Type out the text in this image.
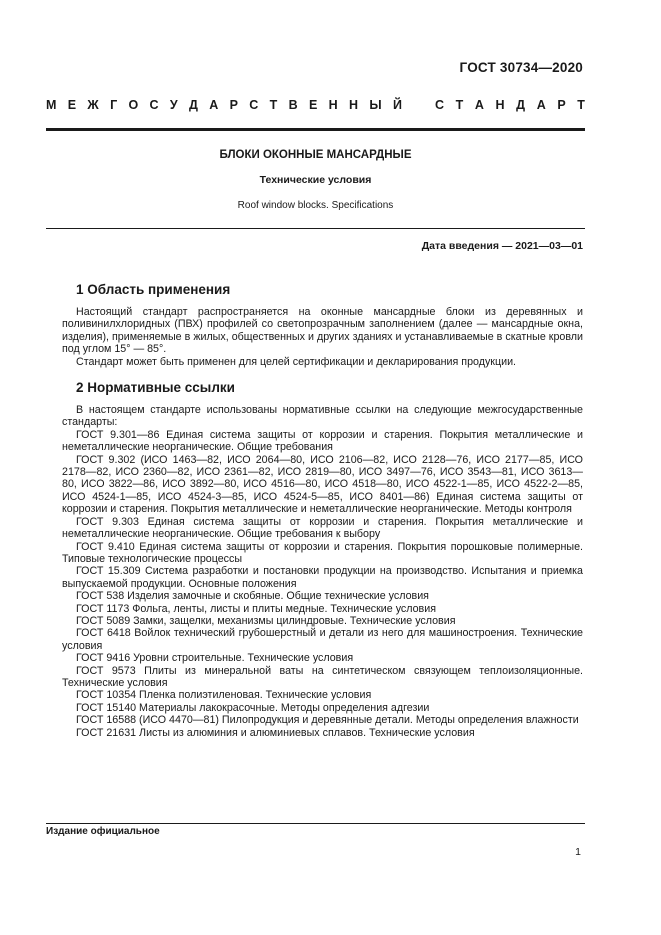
ГОСТ 30734—2020
М Е Ж Г О С У Д А Р С Т В Е Н Н Ы Й	С Т А Н Д А Р Т
БЛОКИ ОКОННЫЕ МАНСАРДНЫЕ
Технические условия
Roof window blocks. Specifications
Дата введения — 2021—03—01
1 Область применения

Настоящий стандарт распространяется на оконные мансардные блоки из деревянных и поливинилхлоридных (ПВХ) профилей со светопрозрачным заполнением (далее — мансардные окна, изделия), применяемые в жилых, общественных и других зданиях и устанавливаемые в скатные кровли под углом 15° — 85°.

Стандарт может быть применен для целей сертификации и декларирования продукции.

2 Нормативные ссылки

В настоящем стандарте использованы нормативные ссылки на следующие межгосударственные стандарты:

ГОСТ 9.301—86 Единая система защиты от коррозии и старения. Покрытия металлические и неметаллические неорганические. Общие требования

ГОСТ 9.302 (ИСО 1463—82, ИСО 2064—80, ИСО 2106—82, ИСО 2128—76, ИСО 2177—85, ИСО 2178—82, ИСО 2360—82, ИСО 2361—82, ИСО 2819—80, ИСО 3497—76, ИСО 3543—81, ИСО 3613—80, ИСО 3822—86, ИСО 3892—80, ИСО 4516—80, ИСО 4518—80, ИСО 4522-1—85, ИСО 4522-2—85, ИСО 4524-1—85, ИСО 4524-3—85, ИСО 4524-5—85, ИСО 8401—86) Единая система защиты от коррозии и старения. Покрытия металлические и неметаллические неорганические. Методы контроля

ГОСТ 9.303 Единая система защиты от коррозии и старения. Покрытия металлические и неметаллические неорганические. Общие требования к выбору

ГОСТ 9.410 Единая система защиты от коррозии и старения. Покрытия порошковые полимерные. Типовые технологические процессы

ГОСТ 15.309 Система разработки и постановки продукции на производство. Испытания и приемка выпускаемой продукции. Основные положения

ГОСТ 538 Изделия замочные и скобяные. Общие технические условия

ГОСТ 1173 Фольга, ленты, листы и плиты медные. Технические условия

ГОСТ 5089 Замки, защелки, механизмы цилиндровые. Технические условия

ГОСТ 6418 Войлок технический грубошерстный и детали из него для машиностроения. Технические условия

ГОСТ 9416 Уровни строительные. Технические условия

ГОСТ 9573 Плиты из минеральной ваты на синтетическом связующем теплоизоляционные. Технические условия

ГОСТ 10354 Пленка полиэтиленовая. Технические условия

ГОСТ 15140 Материалы лакокрасочные. Методы определения адгезии

ГОСТ 16588 (ИСО 4470—81) Пилопродукция и деревянные детали. Методы определения влажности

ГОСТ 21631 Листы из алюминия и алюминиевых сплавов. Технические условия

Издание официальное
1
